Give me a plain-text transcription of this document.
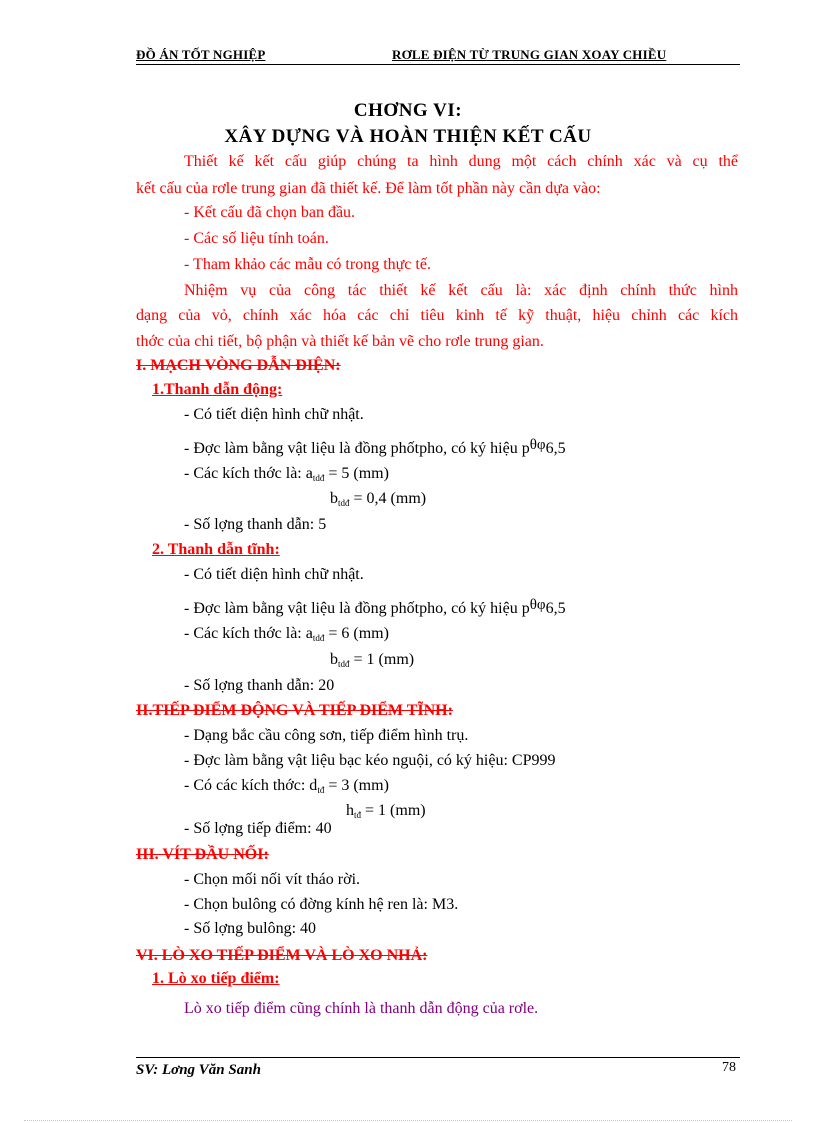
ĐỒ ÁN TỐT NGHIỆP	RƠLE ĐIỆN TỪ TRUNG GIAN XOAY CHIỀU
CHƠNG VI:
XÂY DỰNG VÀ HOÀN THIỆN KẾT CẤU
Thiết kế kết cấu giúp chúng ta hình dung một cách chính xác và cụ thể
kết cấu của rơle trung gian đã thiết kế. Để làm tốt phần này cần dựa vào:
- Kết cấu đã chọn ban đầu.
- Các số liệu tính toán.
- Tham khảo các mẫu có trong thực tế.
Nhiệm vụ của công tác thiết kế kết cấu là: xác định chính thức hình
dạng của vỏ, chính xác hóa các chỉ tiêu kinh tế kỹ thuật, hiệu chỉnh các kích
thớc của chi tiết, bộ phận và thiết kế bản vẽ cho rơle trung gian.
I. MẠCH VÒNG DẪN ĐIỆN:
1.Thanh dẫn động:
- Có tiết diện hình chữ nhật.
- Đợc làm bằng vật liệu là đồng phốtpho, có ký hiệu $p^{\theta\varphi}6,5$
- Các kích thớc là: $a_{tdđ} = 5$ (mm)
$b_{tdđ} = 0,4$ (mm)
- Số lợng thanh dẫn: 5
2. Thanh dẫn tĩnh:
- Có tiết diện hình chữ nhật.
- Đợc làm bằng vật liệu là đồng phốtpho, có ký hiệu $p^{\theta\varphi}6,5$
- Các kích thớc là: $a_{tdđ} = 6$ (mm)
$b_{tdđ} = 1$ (mm)
- Số lợng thanh dẫn: 20
II.TIẾP ĐIỂM ĐỘNG VÀ TIẾP ĐIỂM TĨNH:
- Dạng bắc cầu công sơn, tiếp điểm hình trụ.
- Đợc làm bằng vật liệu bạc kéo nguội, có ký hiệu: CP999
- Có các kích thớc: $d_{tđ} = 3$ (mm)
$h_{tđ} = 1$ (mm)
- Số lợng tiếp điểm: 40
III. VÍT ĐẦU NỐI:
- Chọn mối nối vít tháo rời.
- Chọn bulông có đờng kính hệ ren là: M3.
- Số lợng bulông: 40
VI. LÒ XO TIẾP ĐIỂM VÀ LÒ XO NHẢ:
1. Lò xo tiếp điểm:
Lò xo tiếp điểm cũng chính là thanh dẫn động của rơle.
SV: Lơng Văn Sanh	78
